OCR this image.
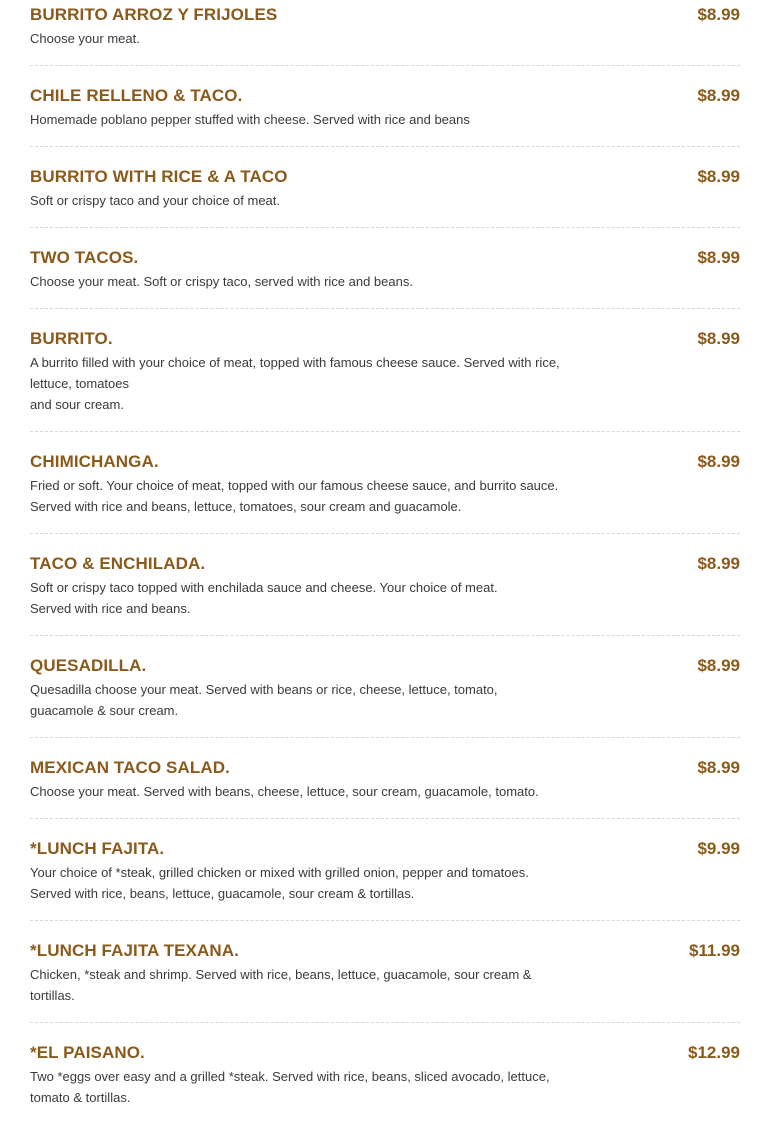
BURRITO ARROZ Y FRIJOLES	$8.99
Choose your meat.
CHILE RELLENO & TACO.	$8.99
Homemade poblano pepper stuffed with cheese. Served with rice and beans
BURRITO WITH RICE & A TACO	$8.99
Soft or crispy taco and your choice of meat.
TWO TACOS.	$8.99
Choose your meat. Soft or crispy taco, served with rice and beans.
BURRITO.	$8.99
A burrito filled with your choice of meat, topped with famous cheese sauce. Served with rice, lettuce, tomatoes
and sour cream.
CHIMICHANGA.	$8.99
Fried or soft. Your choice of meat, topped with our famous cheese sauce, and burrito sauce.
Served with rice and beans, lettuce, tomatoes, sour cream and guacamole.
TACO & ENCHILADA.	$8.99
Soft or crispy taco topped with enchilada sauce and cheese. Your choice of meat.
Served with rice and beans.
QUESADILLA.	$8.99
Quesadilla choose your meat. Served with beans or rice, cheese, lettuce, tomato,
guacamole & sour cream.
MEXICAN TACO SALAD.	$8.99
Choose your meat. Served with beans, cheese, lettuce, sour cream, guacamole, tomato.
*LUNCH FAJITA.	$9.99
Your choice of *steak, grilled chicken or mixed with grilled onion, pepper and tomatoes.
Served with rice, beans, lettuce, guacamole, sour cream & tortillas.
*LUNCH FAJITA TEXANA.	$11.99
Chicken, *steak and shrimp. Served with rice, beans, lettuce, guacamole, sour cream &
tortillas.
*EL PAISANO.	$12.99
Two *eggs over easy and a grilled *steak. Served with rice, beans, sliced avocado, lettuce,
tomato & tortillas.
